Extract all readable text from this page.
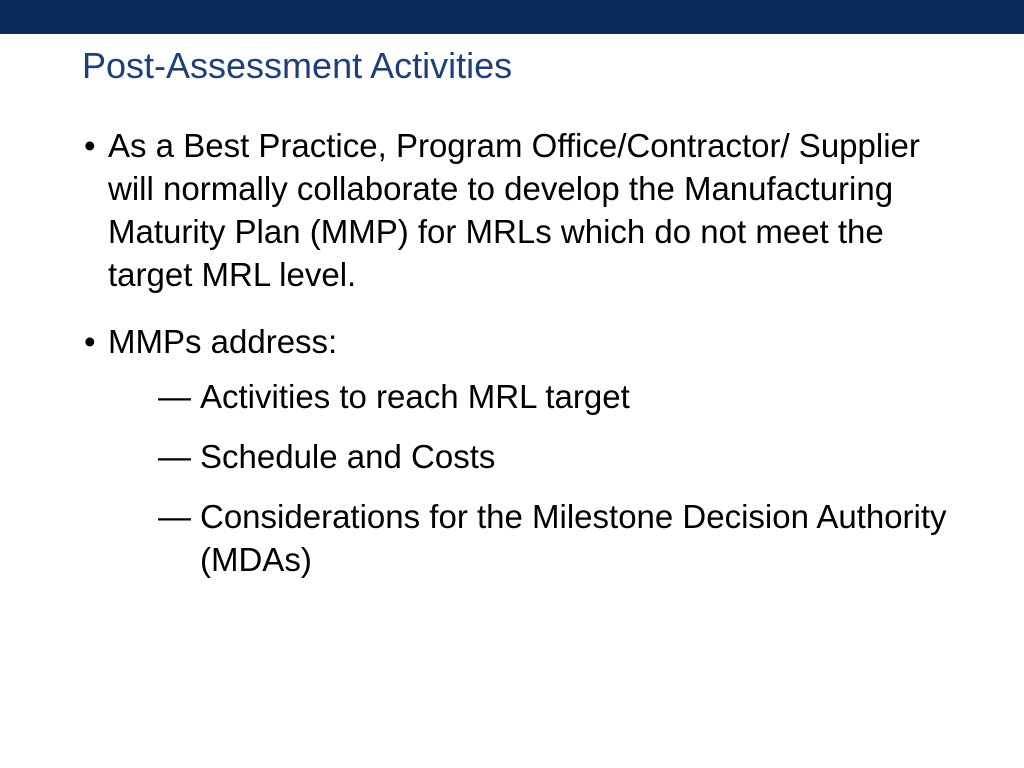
Post-Assessment Activities
• As a Best Practice, Program Office/Contractor/ Supplier will normally collaborate to develop the Manufacturing Maturity Plan (MMP) for MRLs which do not meet the target MRL level.
• MMPs address:
— Activities to reach MRL target
— Schedule and Costs
— Considerations for the Milestone Decision Authority (MDAs)
